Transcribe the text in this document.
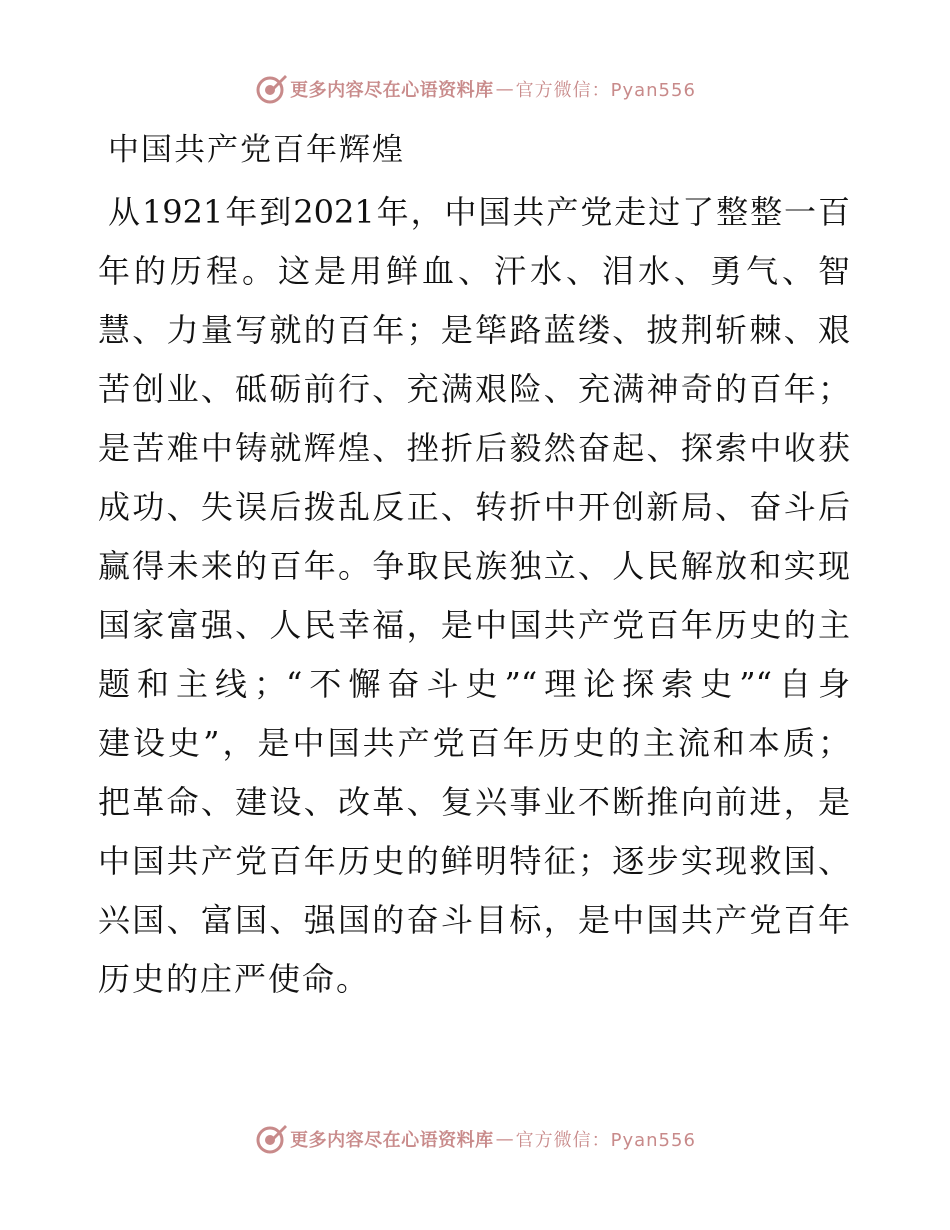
更多内容尽在心语资料库 — 官方微信：Pyan556
中国共产党百年辉煌
从1921年到2021年，中国共产党走过了整整一百
年的历程。这是用鲜血、汗水、泪水、勇气、智
慧、力量写就的百年；是筚路蓝缕、披荆斩棘、艰
苦创业、砥砺前行、充满艰险、充满神奇的百年；
是苦难中铸就辉煌、挫折后毅然奋起、探索中收获
成功、失误后拨乱反正、转折中开创新局、奋斗后
赢得未来的百年。争取民族独立、人民解放和实现
国家富强、人民幸福，是中国共产党百年历史的主
题和主线；“不懈奋斗史”“理论探索史”“自身
建设史”，是中国共产党百年历史的主流和本质；
把革命、建设、改革、复兴事业不断推向前进，是
中国共产党百年历史的鲜明特征；逐步实现救国、
兴国、富国、强国的奋斗目标，是中国共产党百年
历史的庄严使命。
更多内容尽在心语资料库 — 官方微信：Pyan556
